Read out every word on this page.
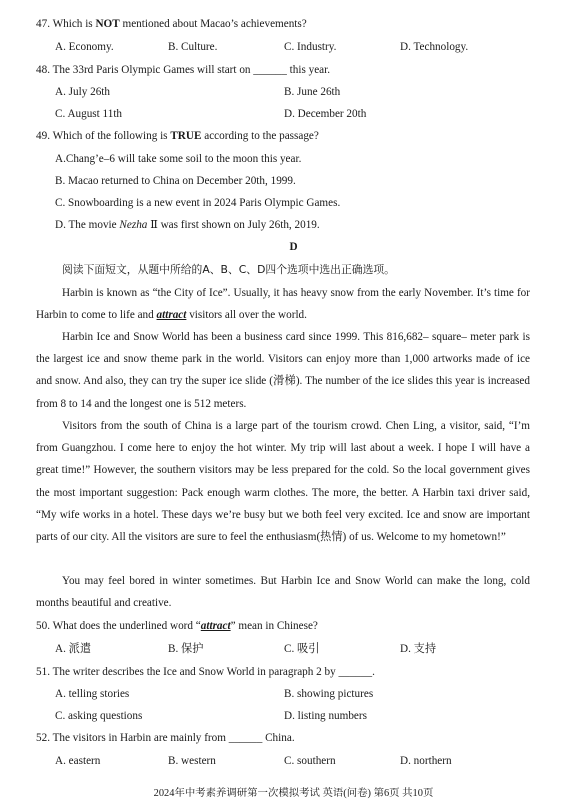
47. Which is NOT mentioned about Macao’s achievements?
A. Economy.	B. Culture.	C. Industry.	D. Technology.
48. The 33rd Paris Olympic Games will start on ______ this year.
A. July 26th	B. June 26th
C. August 11th	D. December 20th
49. Which of the following is TRUE according to the passage?
A.Chang’e–6 will take some soil to the moon this year.
B. Macao returned to China on December 20th, 1999.
C. Snowboarding is a new event in 2024 Paris Olympic Games.
D. The movie Nezha Ⅱ was first shown on July 26th, 2019.
D
阅读下面短文，从题中所给的A、B、C、D四个选项中选出正确选项。
Harbin is known as “the City of Ice”. Usually, it has heavy snow from the early November. It’s time for Harbin to come to life and attract visitors all over the world.
Harbin Ice and Snow World has been a business card since 1999. This 816,682– square– meter park is the largest ice and snow theme park in the world. Visitors can enjoy more than 1,000 artworks made of ice and snow. And also, they can try the super ice slide (滑梯). The number of the ice slides this year is increased from 8 to 14 and the longest one is 512 meters.
Visitors from the south of China is a large part of the tourism crowd. Chen Ling, a visitor, said, “I’m from Guangzhou. I come here to enjoy the hot winter. My trip will last about a week. I hope I will have a great time!” However, the southern visitors may be less prepared for the cold. So the local government gives the most important suggestion: Pack enough warm clothes. The more, the better. A Harbin taxi driver said, “My wife works in a hotel. These days we’re busy but we both feel very excited. Ice and snow are important parts of our city. All the visitors are sure to feel the enthusiasm(热情) of us. Welcome to my hometown!”
You may feel bored in winter sometimes. But Harbin Ice and Snow World can make the long, cold months beautiful and creative.
50. What does the underlined word “attract” mean in Chinese?
A. 派遣	B. 保护	C. 吸引	D. 支持
51. The writer describes the Ice and Snow World in paragraph 2 by ______.
A. telling stories	B. showing pictures
C. asking questions	D. listing numbers
52. The visitors in Harbin are mainly from ______ China.
A. eastern	B. western	C. southern	D. northern
2024年中考素养调研第一次模拟考试 英语(问卷) 第6页 共10页
